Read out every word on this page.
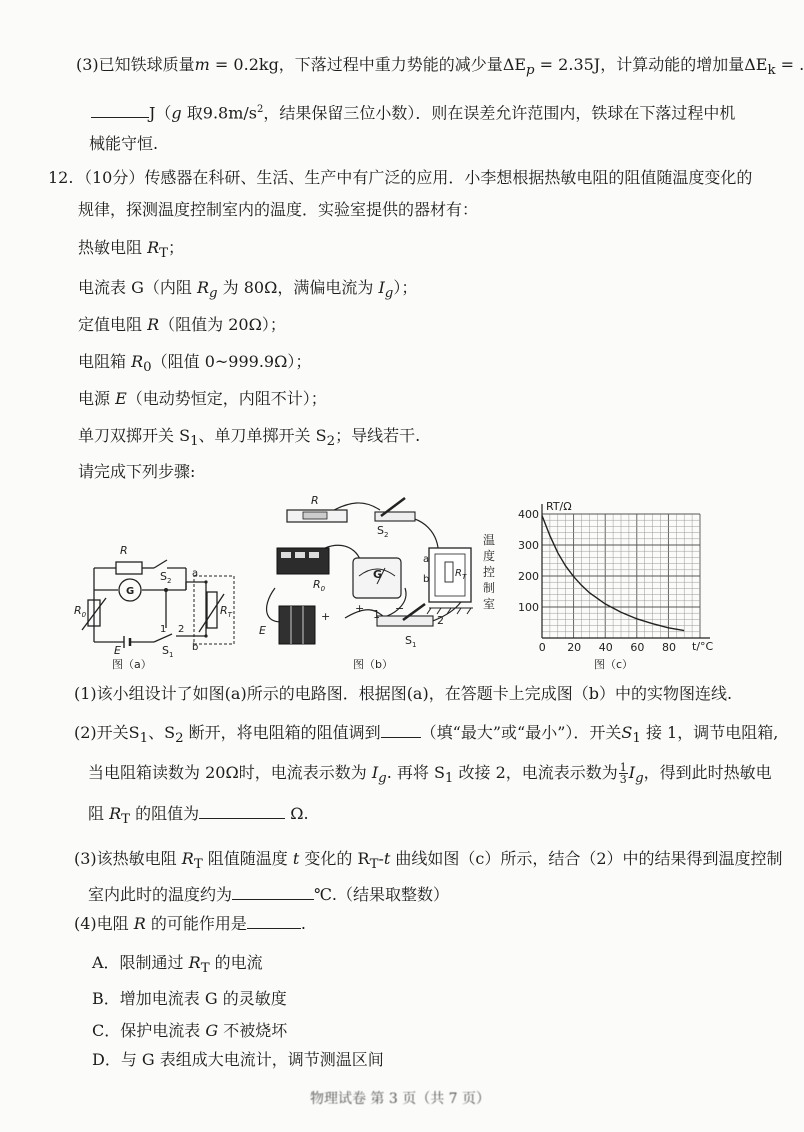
(3)已知铁球质量m = 0.2kg，下落过程中重力势能的减少量$\Delta E_p = 2.35J$，计算动能的增加量$\Delta E_k$ = .
J（g 取$9.8m/s^2$，结果保留三位小数）．则在误差允许范围内，铁球在下落过程中机
械能守恒.
12. （10分）传感器在科研、生活、生产中有广泛的应用．小李想根据热敏电阻的阻值随温度变化的
规律，探测温度控制室内的温度．实验室提供的器材有：
热敏电阻 $R_T$；
电流表 G（内阻 $R_g$ 为 80Ω，满偏电流为 $I_g$）；
定值电阻 R（阻值为 20Ω）；
电阻箱 $R_0$（阻值 0~999.9Ω）；
电源 E（电动势恒定，内阻不计）；
单刀双掷开关 $S_1$、单刀单掷开关 $S_2$；导线若干.
请完成下列步骤:
R
$S_2$
G
a
b
$R_0$	$R_T$
1 2
E	$S_1$
图（a）
R
$S_2$
$R_0$
G
+	−
E
+	1	2
$S_1$
a
b
$R_T$
温
度
控
制
室
图（b）
0 20 40 60 80
100
200
300
400
RT/Ω
t/°C
图（c）
(1)该小组设计了如图(a)所示的电路图．根据图(a)，在答题卡上完成图（b）中的实物图连线.
(2)开关$S_1$、$S_2$ 断开，将电阻箱的阻值调到	（填“最大”或“最小”）．开关$S_1$ 接 1，调节电阻箱,
当电阻箱读数为 20Ω时，电流表示数为 $I_g$. 再将 $S_1$ 改接 2，电流表示数为 $\frac{1}{3} I_g$，得到此时热敏电
阻 $R_T$ 的阻值为	Ω.
(3)该热敏电阻 $R_T$ 阻值随温度 t 变化的 $R_T-t$ 曲线如图（c）所示，结合（2）中的结果得到温度控制
室内此时的温度约为	℃.（结果取整数）
(4)电阻 R 的可能作用是	.
A．限制通过 $R_T$ 的电流
B．增加电流表 G 的灵敏度
C．保护电流表 G 不被烧坏
D．与 G 表组成大电流计，调节测温区间
物理试卷 第 3 页（共 7 页）
